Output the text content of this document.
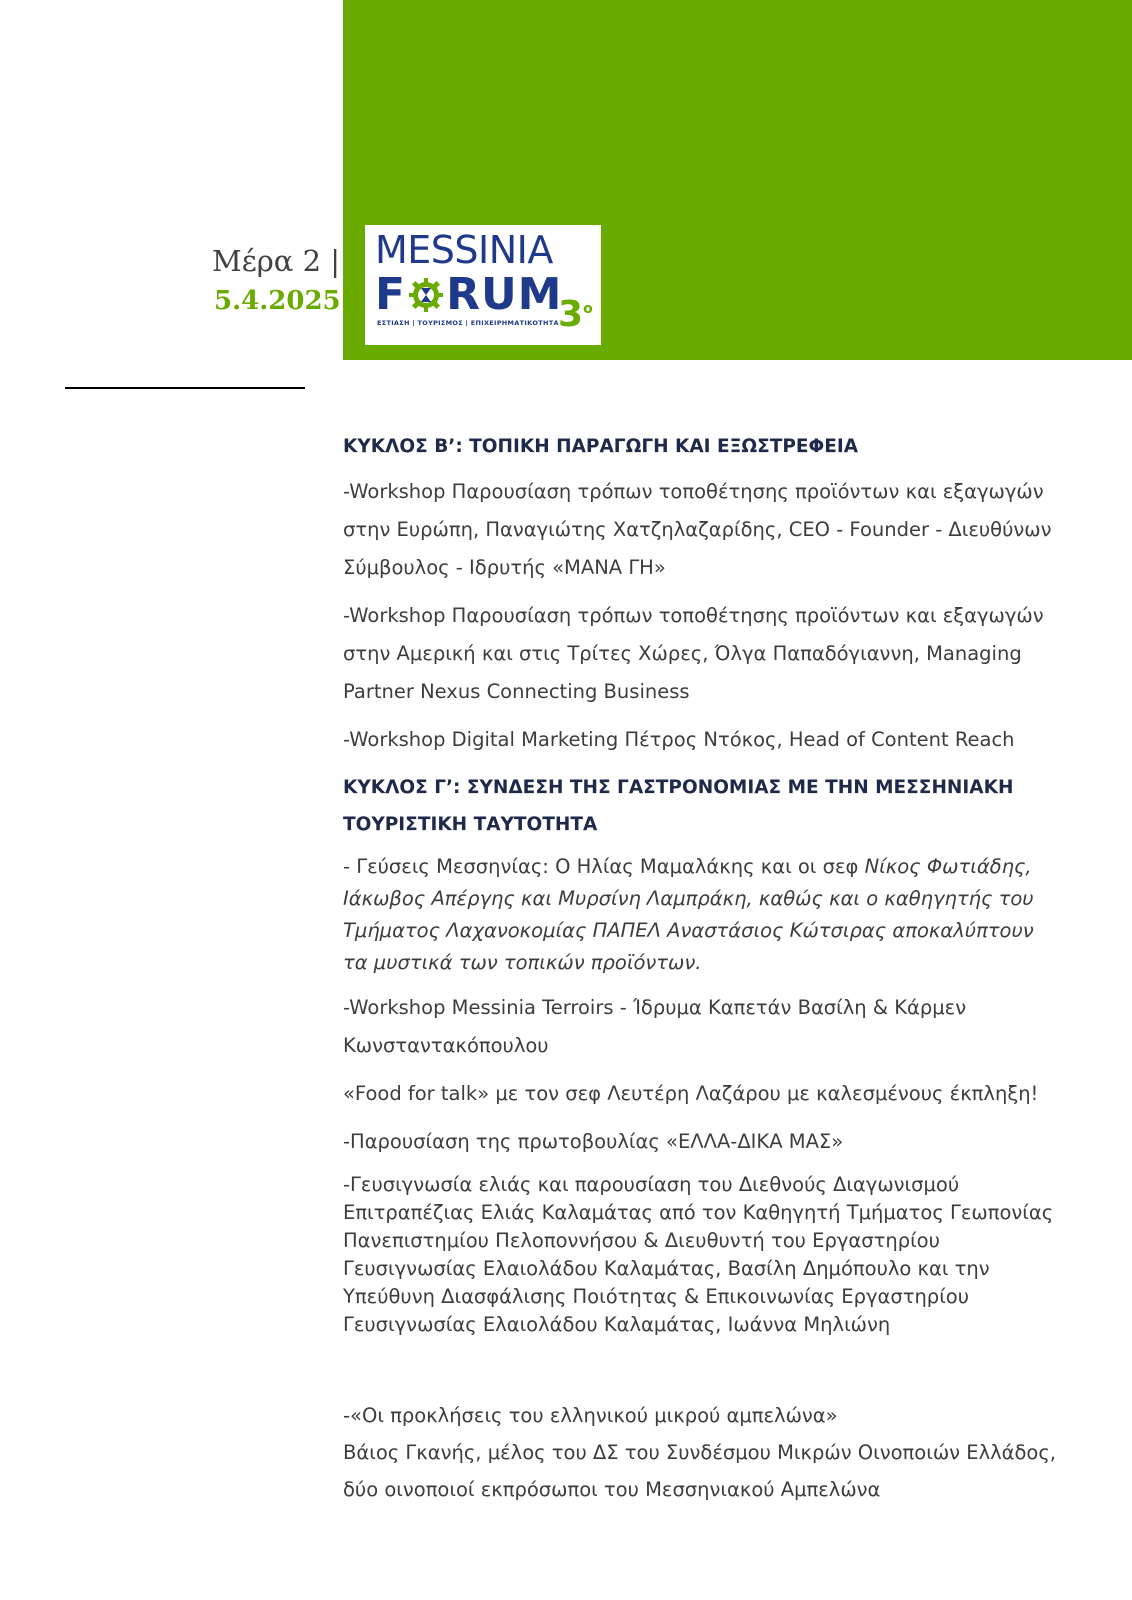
Μέρα 2 |
5.4.2025
MESSINIA
F RUM
ΕΣΤΙΑΣΗ | ΤΟΥΡΙΣΜΟΣ | ΕΠΙΧΕΙΡΗΜΑΤΙΚΟΤΗΤΑ $3^o$
ΚΥΚΛΟΣ Β’: ΤΟΠΙΚΗ ΠΑΡΑΓΩΓΗ ΚΑΙ ΕΞΩΣΤΡΕΦΕΙΑ
-Workshop Παρουσίαση τρόπων τοποθέτησης προϊόντων και εξαγωγών στην Ευρώπη, Παναγιώτης Χατζηλαζαρίδης, CEO - Founder - Διευθύνων Σύμβουλος - Ιδρυτής «ΜΑΝΑ ΓΗ»
-Workshop Παρουσίαση τρόπων τοποθέτησης προϊόντων και εξαγωγών στην Αμερική και στις Τρίτες Χώρες, Όλγα Παπαδόγιαννη, Managing Partner Nexus Connecting Business
-Workshop Digital Marketing Πέτρος Ντόκος, Head of Content Reach
ΚΥΚΛΟΣ Γ’: ΣΥΝΔΕΣΗ ΤΗΣ ΓΑΣΤΡΟΝΟΜΙΑΣ ΜΕ ΤΗΝ ΜΕΣΣΗΝΙΑΚΗ ΤΟΥΡΙΣΤΙΚΗ ΤΑΥΤΟΤΗΤΑ
- Γεύσεις Μεσσηνίας: Ο Ηλίας Μαμαλάκης και οι σεφ Νίκος Φωτιάδης, Ιάκωβος Απέργης και Μυρσίνη Λαμπράκη, καθώς και ο καθηγητής του Τμήματος Λαχανοκομίας ΠΑΠΕΛ Αναστάσιος Κώτσιρας αποκαλύπτουν τα μυστικά των τοπικών προϊόντων.
-Workshop Messinia Terroirs - Ίδρυμα Καπετάν Βασίλη & Κάρμεν Κωνσταντακόπουλου
«Food for talk» με τον σεφ Λευτέρη Λαζάρου με καλεσμένους έκπληξη!
-Παρουσίαση της πρωτοβουλίας «ΕΛΛΑ-ΔΙΚΑ ΜΑΣ»
-Γευσιγνωσία ελιάς και παρουσίαση του Διεθνούς Διαγωνισμού Επιτραπέζιας Ελιάς Καλαμάτας από τον Καθηγητή Τμήματος Γεωπονίας Πανεπιστημίου Πελοποννήσου & Διευθυντή του Εργαστηρίου Γευσιγνωσίας Ελαιολάδου Καλαμάτας, Βασίλη Δημόπουλο και την Υπεύθυνη Διασφάλισης Ποιότητας & Επικοινωνίας Εργαστηρίου Γευσιγνωσίας Ελαιολάδου Καλαμάτας, Ιωάννα Μηλιώνη
-«Οι προκλήσεις του ελληνικού μικρού αμπελώνα»
Βάιος Γκανής, μέλος του ΔΣ του Συνδέσμου Μικρών Οινοποιών Ελλάδος, δύο οινοποιοί εκπρόσωποι του Μεσσηνιακού Αμπελώνα
